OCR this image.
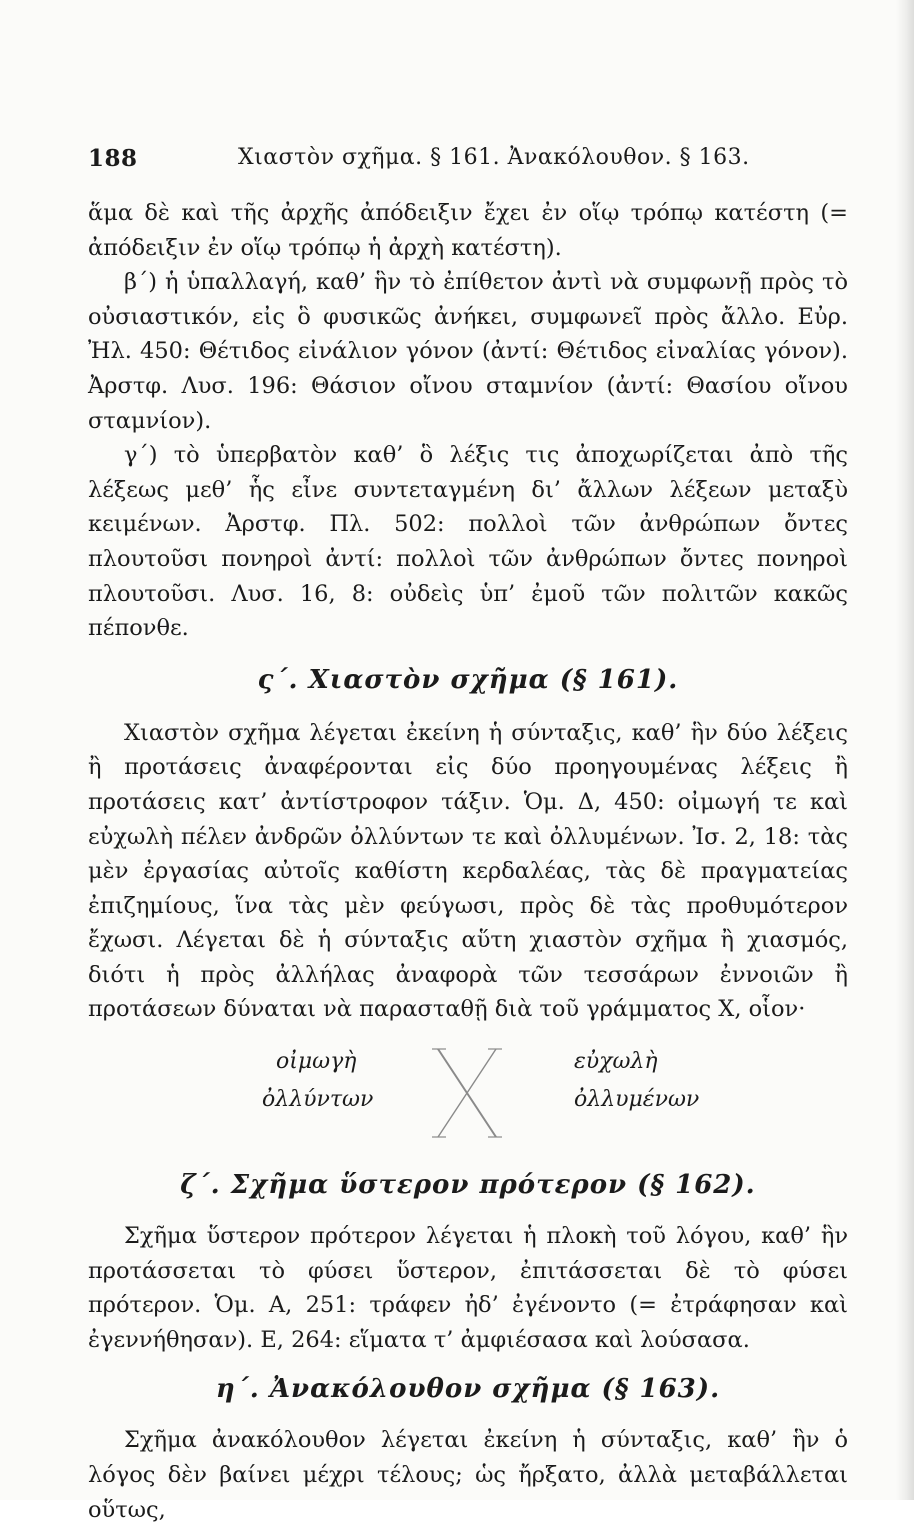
188	Χιαστὸν σχῆμα. § 161. Ἀνακόλουθον. § 163.

ἅμα δὲ καὶ τῆς ἀρχῆς ἀπόδειξιν ἔχει ἐν οἵῳ τρόπῳ κατέστη (= ἀπόδειξιν ἐν οἵῳ τρόπῳ ἡ ἀρχὴ κατέστη).

β΄) ἡ ὑπαλλαγή, καθ’ ἣν τὸ ἐπίθετον ἀντὶ νὰ συμφωνῇ πρὸς τὸ οὐσιαστικόν, εἰς ὃ φυσικῶς ἀνήκει, συμφωνεῖ πρὸς ἄλλο. Εὐρ. Ἠλ. 450: Θέτιδος εἰνάλιον γόνον (ἀντί: Θέτιδος εἰναλίας γόνον). Ἀρστφ. Λυσ. 196: Θάσιον οἴνου σταμνίον (ἀντί: Θασίου οἴνου σταμνίον).

γ΄) τὸ ὑπερβατὸν καθ’ ὃ λέξις τις ἀποχωρίζεται ἀπὸ τῆς λέξεως μεθ’ ἧς εἶνε συντεταγμένη δι’ ἄλλων λέξεων μεταξὺ κειμένων. Ἀρστφ. Πλ. 502: πολλοὶ τῶν ἀνθρώπων ὄντες πλουτοῦσι πονηροὶ ἀντί: πολλοὶ τῶν ἀνθρώπων ὄντες πονηροὶ πλουτοῦσι. Λυσ. 16, 8: οὐδεὶς ὑπ’ ἐμοῦ τῶν πολιτῶν κακῶς πέπονθε.

ς΄. Χιαστὸν σχῆμα (§ 161).

Χιαστὸν σχῆμα λέγεται ἐκείνη ἡ σύνταξις, καθ’ ἣν δύο λέξεις ἢ προτάσεις ἀναφέρονται εἰς δύο προηγουμένας λέξεις ἢ προτάσεις κατ’ ἀντίστροφον τάξιν. Ὁμ. Δ, 450: οἰμωγή τε καὶ εὐχωλὴ πέλεν ἀνδρῶν ὀλλύντων τε καὶ ὀλλυμένων. Ἰσ. 2, 18: τὰς μὲν ἐργασίας αὐτοῖς καθίστη κερδαλέας, τὰς δὲ πραγματείας ἐπιζημίους, ἵνα τὰς μὲν φεύγωσι, πρὸς δὲ τὰς προθυμότερον ἔχωσι. Λέγεται δὲ ἡ σύνταξις αὕτη χιαστὸν σχῆμα ἢ χιασμός, διότι ἡ πρὸς ἀλλήλας ἀναφορὰ τῶν τεσσάρων ἐννοιῶν ἢ προτάσεων δύναται νὰ παρασταθῇ διὰ τοῦ γράμματος Χ, οἷον·

οἰμωγὴ
ὀλλύντων
εὐχωλὴ
ὀλλυμένων
ζ΄. Σχῆμα ὕστερον πρότερον (§ 162).

Σχῆμα ὕστερον πρότερον λέγεται ἡ πλοκὴ τοῦ λόγου, καθ’ ἣν προτάσσεται τὸ φύσει ὕστερον, ἐπιτάσσεται δὲ τὸ φύσει πρότερον. Ὁμ. Α, 251: τράφεν ἠδ’ ἐγένοντο (= ἐτράφησαν καὶ ἐγεννήθησαν). Ε, 264: εἵματα τ’ ἀμφιέσασα καὶ λούσασα.

η΄. Ἀνακόλουθον σχῆμα (§ 163).

Σχῆμα ἀνακόλουθον λέγεται ἐκείνη ἡ σύνταξις, καθ’ ἣν ὁ λόγος δὲν βαίνει μέχρι τέλους; ὡς ἤρξατο, ἀλλὰ μεταβάλλεται οὕτως,
